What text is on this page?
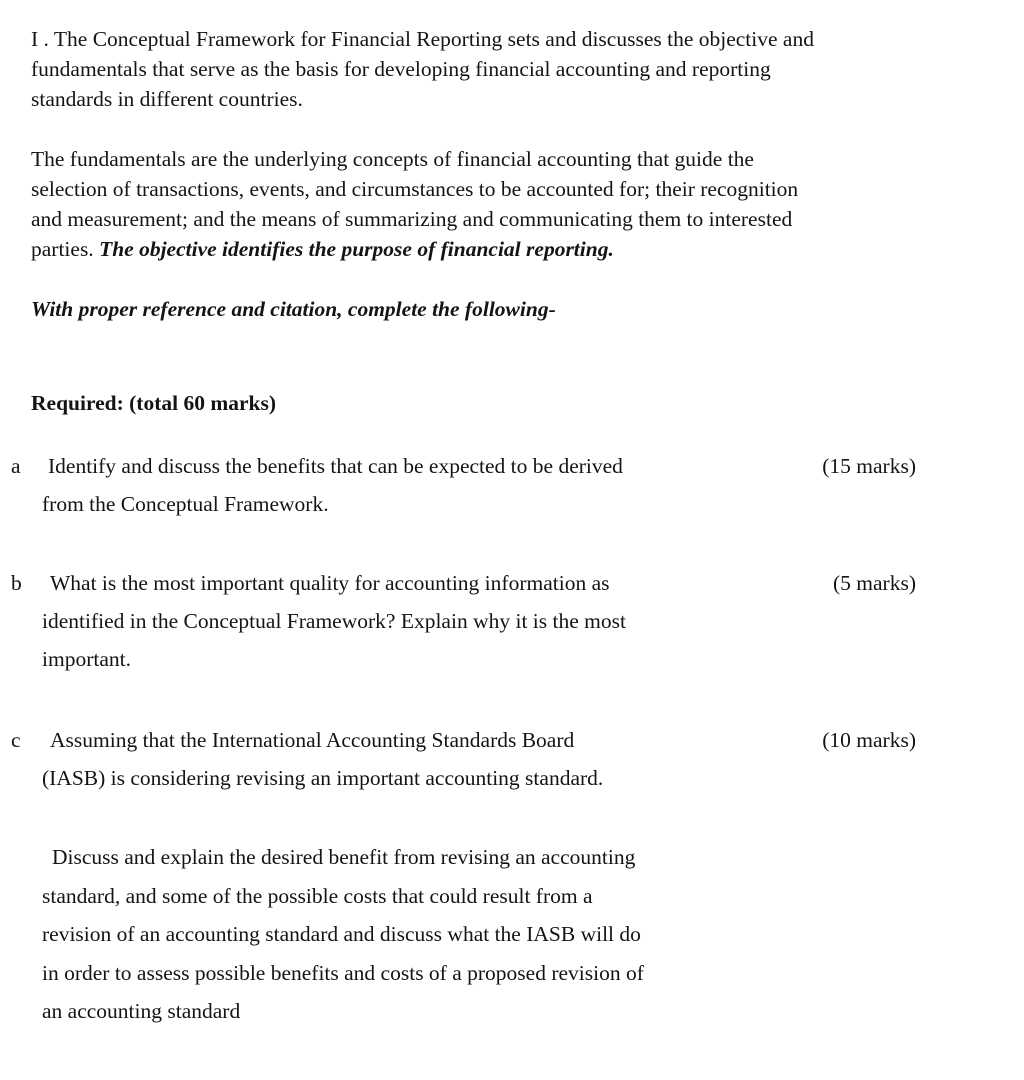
I . The Conceptual Framework for Financial Reporting sets and discusses the objective and
fundamentals that serve as the basis for developing financial accounting and reporting
standards in different countries.

The fundamentals are the underlying concepts of financial accounting that guide the
selection of transactions, events, and circumstances to be accounted for; their recognition
and measurement; and the means of summarizing and communicating them to interested
parties. The objective identifies the purpose of financial reporting.

With proper reference and citation, complete the following-

Required: (total 60 marks)

a Identify and discuss the benefits that can be expected to be derived
from the Conceptual Framework.
(15 marks)
b	What is the most important quality for accounting information as
identified in the Conceptual Framework? Explain why it is the most
important.
(5 marks)
c	Assuming that the International Accounting Standards Board
(IASB) is considering revising an important accounting standard.
(10 marks)
Discuss and explain the desired benefit from revising an accounting
standard, and some of the possible costs that could result from a
revision of an accounting standard and discuss what the IASB will do
in order to assess possible benefits and costs of a proposed revision of
an accounting standard
